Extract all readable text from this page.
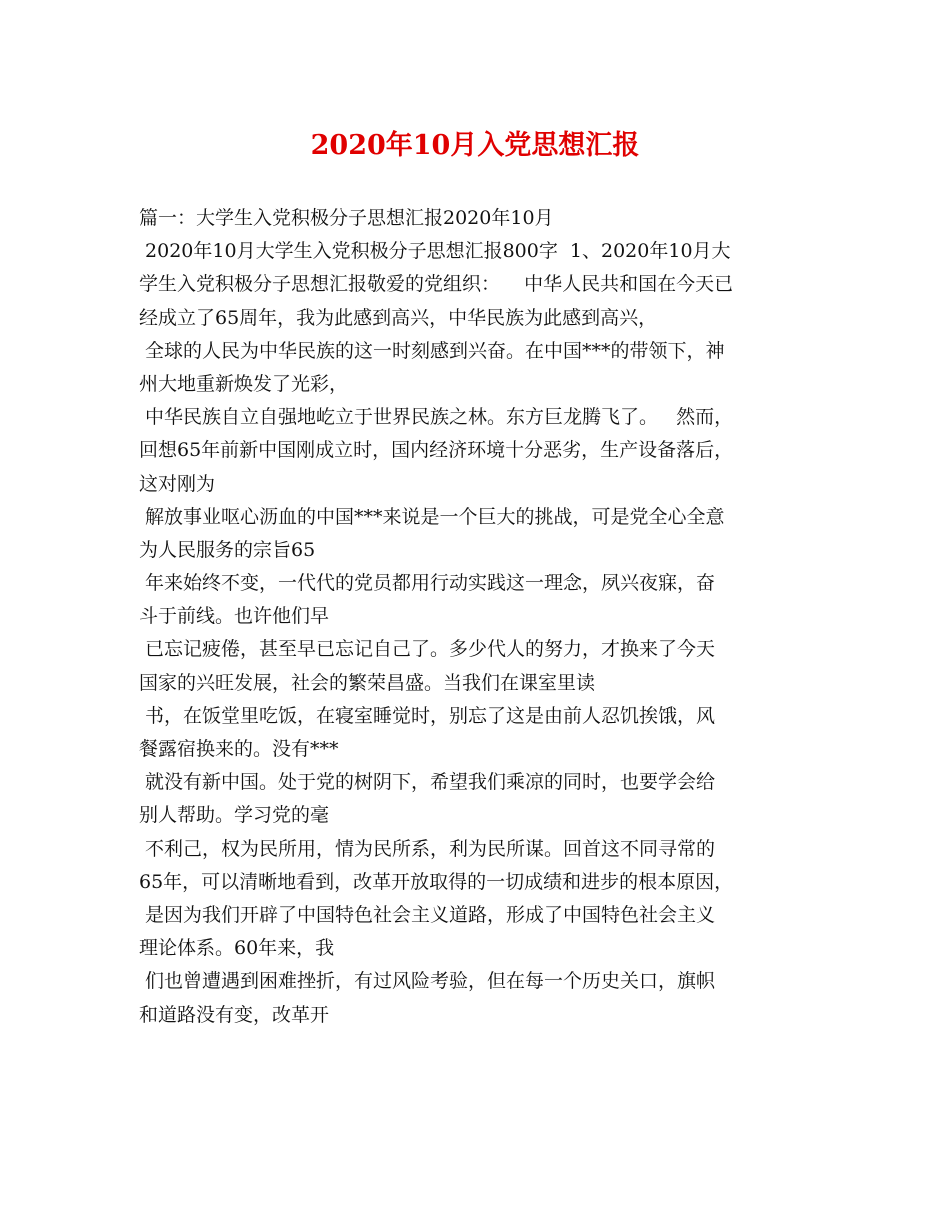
2020年10月入党思想汇报
篇一：大学生入党积极分子思想汇报2020年10月
2020年10月大学生入党积极分子思想汇报800字  1、2020年10月大
学生入党积极分子思想汇报敬爱的党组织：    中华人民共和国在今天已
经成立了65周年，我为此感到高兴，中华民族为此感到高兴，
全球的人民为中华民族的这一时刻感到兴奋。在中国***的带领下，神
州大地重新焕发了光彩，
中华民族自立自强地屹立于世界民族之林。东方巨龙腾飞了。   然而，
回想65年前新中国刚成立时，国内经济环境十分恶劣，生产设备落后，
这对刚为
解放事业呕心沥血的中国***来说是一个巨大的挑战，可是党全心全意
为人民服务的宗旨65
年来始终不变，一代代的党员都用行动实践这一理念，夙兴夜寐，奋
斗于前线。也许他们早
已忘记疲倦，甚至早已忘记自己了。多少代人的努力，才换来了今天
国家的兴旺发展，社会的繁荣昌盛。当我们在课室里读
书，在饭堂里吃饭，在寝室睡觉时，别忘了这是由前人忍饥挨饿，风
餐露宿换来的。没有***
就没有新中国。处于党的树阴下，希望我们乘凉的同时，也要学会给
别人帮助。学习党的毫
不利己，权为民所用，情为民所系，利为民所谋。回首这不同寻常的
65年，可以清晰地看到，改革开放取得的一切成绩和进步的根本原因，
是因为我们开辟了中国特色社会主义道路，形成了中国特色社会主义
理论体系。60年来，我
们也曾遭遇到困难挫折，有过风险考验，但在每一个历史关口，旗帜
和道路没有变，改革开
